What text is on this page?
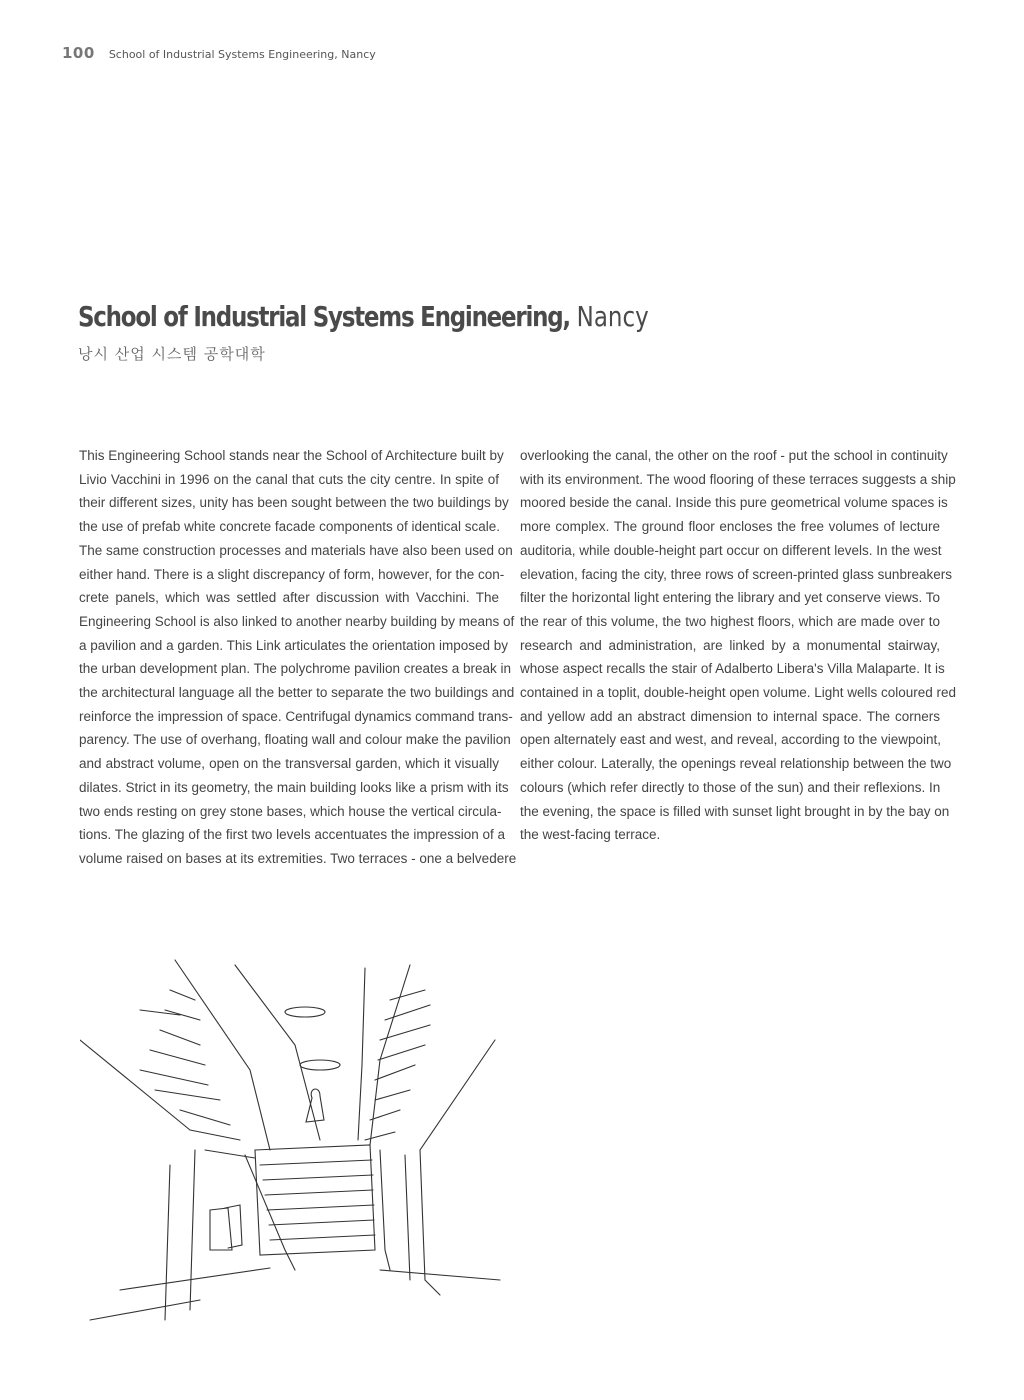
100 School of Industrial Systems Engineering, Nancy
School of Industrial Systems Engineering, Nancy
낭시 산업 시스템 공학대학
This Engineering School stands near the School of Architecture built by
Livio Vacchini in 1996 on the canal that cuts the city centre. In spite of
their different sizes, unity has been sought between the two buildings by
the use of prefab white concrete facade components of identical scale.
The same construction processes and materials have also been used on
either hand. There is a slight discrepancy of form, however, for the con-
crete panels, which was settled after discussion with Vacchini. The
Engineering School is also linked to another nearby building by means of
a pavilion and a garden. This Link articulates the orientation imposed by
the urban development plan. The polychrome pavilion creates a break in
the architectural language all the better to separate the two buildings and
reinforce the impression of space. Centrifugal dynamics command trans-
parency. The use of overhang, floating wall and colour make the pavilion
and abstract volume, open on the transversal garden, which it visually
dilates. Strict in its geometry, the main building looks like a prism with its
two ends resting on grey stone bases, which house the vertical circula-
tions. The glazing of the first two levels accentuates the impression of a
volume raised on bases at its extremities. Two terraces - one a belvedere
overlooking the canal, the other on the roof - put the school in continuity
with its environment. The wood flooring of these terraces suggests a ship
moored beside the canal. Inside this pure geometrical volume spaces is
more complex. The ground floor encloses the free volumes of lecture
auditoria, while double-height part occur on different levels. In the west
elevation, facing the city, three rows of screen-printed glass sunbreakers
filter the horizontal light entering the library and yet conserve views. To
the rear of this volume, the two highest floors, which are made over to
research and administration, are linked by a monumental stairway,
whose aspect recalls the stair of Adalberto Libera's Villa Malaparte. It is
contained in a toplit, double-height open volume. Light wells coloured red
and yellow add an abstract dimension to internal space. The corners
open alternately east and west, and reveal, according to the viewpoint,
either colour. Laterally, the openings reveal relationship between the two
colours (which refer directly to those of the sun) and their reflexions. In
the evening, the space is filled with sunset light brought in by the bay on
the west-facing terrace.
